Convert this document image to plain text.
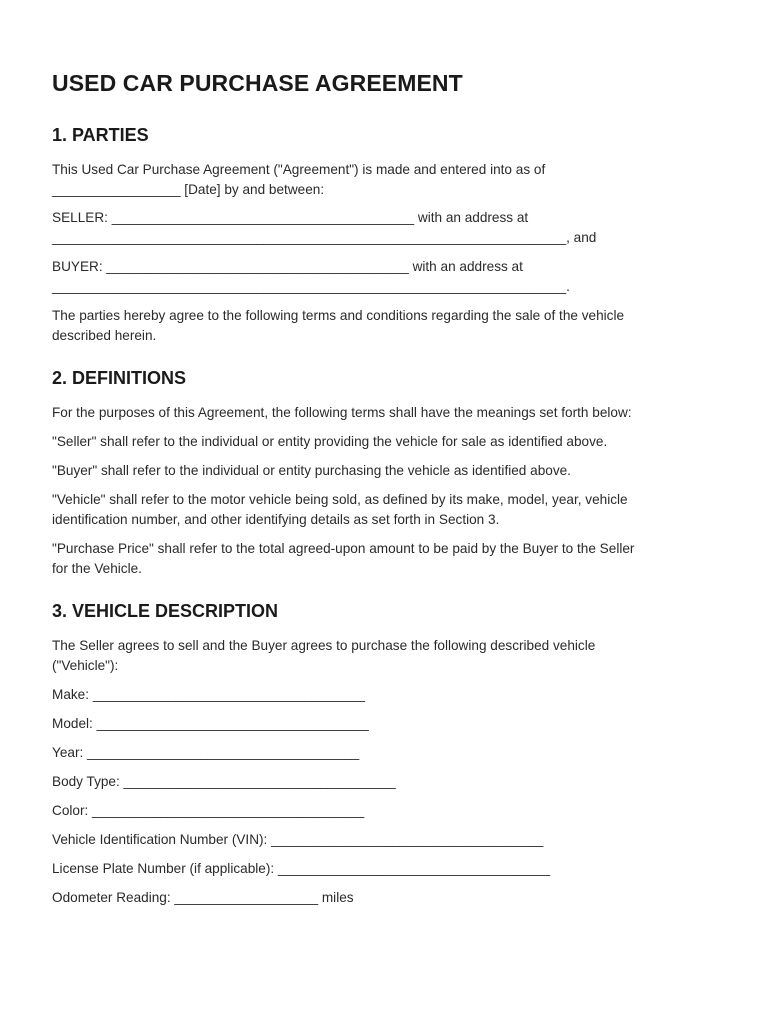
USED CAR PURCHASE AGREEMENT
1. PARTIES

This Used Car Purchase Agreement ("Agreement") is made and entered into as of

_________________ [Date] by and between:

SELLER: ________________________________________ with an address at

____________________________________________________________________, and

BUYER: ________________________________________ with an address at

____________________________________________________________________.

The parties hereby agree to the following terms and conditions regarding the sale of the vehicle

described herein.

2. DEFINITIONS

For the purposes of this Agreement, the following terms shall have the meanings set forth below:

"Seller" shall refer to the individual or entity providing the vehicle for sale as identified above.

"Buyer" shall refer to the individual or entity purchasing the vehicle as identified above.

"Vehicle" shall refer to the motor vehicle being sold, as defined by its make, model, year, vehicle

identification number, and other identifying details as set forth in Section 3.

"Purchase Price" shall refer to the total agreed-upon amount to be paid by the Buyer to the Seller

for the Vehicle.

3. VEHICLE DESCRIPTION

The Seller agrees to sell and the Buyer agrees to purchase the following described vehicle

("Vehicle"):

Make: ____________________________________

Model: ____________________________________

Year: ____________________________________

Body Type: ____________________________________

Color: ____________________________________

Vehicle Identification Number (VIN): ____________________________________

License Plate Number (if applicable): ____________________________________

Odometer Reading: ___________________ miles
